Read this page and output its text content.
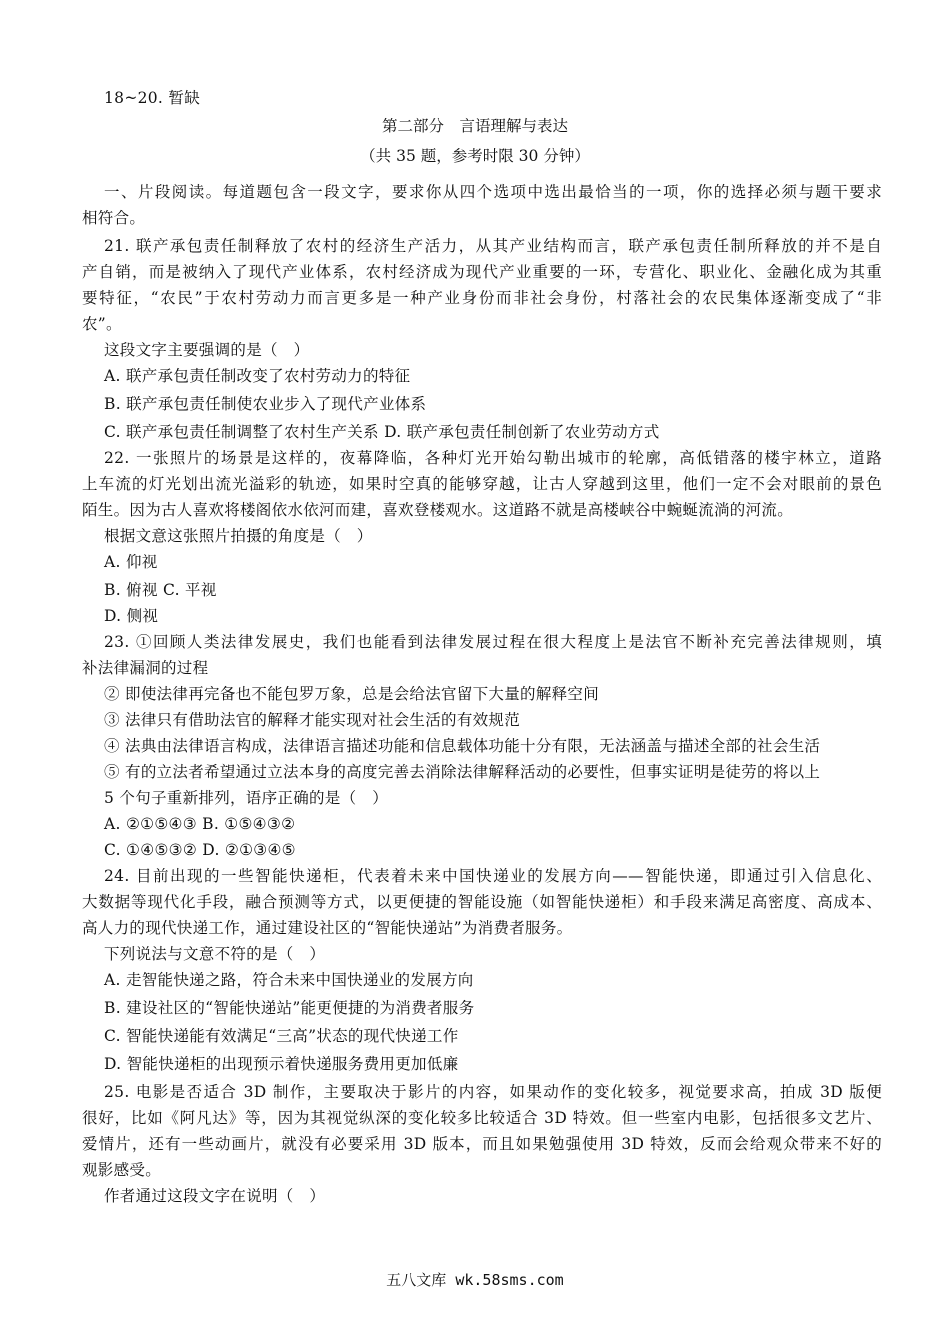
18~20. 暂缺
第二部分　言语理解与表达
（共 35 题，参考时限 30 分钟）
一、片段阅读。每道题包含一段文字，要求你从四个选项中选出最恰当的一项，你的选择必须与题干要求
相符合。
21. 联产承包责任制释放了农村的经济生产活力，从其产业结构而言，联产承包责任制所释放的并不是自
产自销，而是被纳入了现代产业体系，农村经济成为现代产业重要的一环，专营化、职业化、金融化成为其重
要特征，“农民”于农村劳动力而言更多是一种产业身份而非社会身份，村落社会的农民集体逐渐变成了“非
农”。
这段文字主要强调的是（　）
A. 联产承包责任制改变了农村劳动力的特征
B. 联产承包责任制使农业步入了现代产业体系
C. 联产承包责任制调整了农村生产关系 D. 联产承包责任制创新了农业劳动方式
22. 一张照片的场景是这样的，夜幕降临，各种灯光开始勾勒出城市的轮廓，高低错落的楼宇林立，道路
上车流的灯光划出流光溢彩的轨迹，如果时空真的能够穿越，让古人穿越到这里，他们一定不会对眼前的景色
陌生。因为古人喜欢将楼阁依水依河而建，喜欢登楼观水。这道路不就是高楼峡谷中蜿蜒流淌的河流。
根据文意这张照片拍摄的角度是（　）
A. 仰视
B. 俯视 C. 平视
D. 侧视
23. ①回顾人类法律发展史，我们也能看到法律发展过程在很大程度上是法官不断补充完善法律规则，填
补法律漏洞的过程
② 即使法律再完备也不能包罗万象，总是会给法官留下大量的解释空间
③ 法律只有借助法官的解释才能实现对社会生活的有效规范
④ 法典由法律语言构成，法律语言描述功能和信息载体功能十分有限，无法涵盖与描述全部的社会生活
⑤ 有的立法者希望通过立法本身的高度完善去消除法律解释活动的必要性，但事实证明是徒劳的将以上
5 个句子重新排列，语序正确的是（　）
A. ②①⑤④③ B. ①⑤④③②
C. ①④⑤③② D. ②①③④⑤
24. 目前出现的一些智能快递柜，代表着未来中国快递业的发展方向——智能快递，即通过引入信息化、
大数据等现代化手段，融合预测等方式，以更便捷的智能设施（如智能快递柜）和手段来满足高密度、高成本、
高人力的现代快递工作，通过建设社区的“智能快递站”为消费者服务。
下列说法与文意不符的是（　）
A. 走智能快递之路，符合未来中国快递业的发展方向
B. 建设社区的“智能快递站”能更便捷的为消费者服务
C. 智能快递能有效满足“三高”状态的现代快递工作
D. 智能快递柜的出现预示着快递服务费用更加低廉
25. 电影是否适合 3D 制作，主要取决于影片的内容，如果动作的变化较多，视觉要求高，拍成 3D 版便
很好，比如《阿凡达》等，因为其视觉纵深的变化较多比较适合 3D 特效。但一些室内电影，包括很多文艺片、
爱情片，还有一些动画片，就没有必要采用 3D 版本，而且如果勉强使用 3D 特效，反而会给观众带来不好的
观影感受。
作者通过这段文字在说明（　）
五八文库 wk.58sms.com
